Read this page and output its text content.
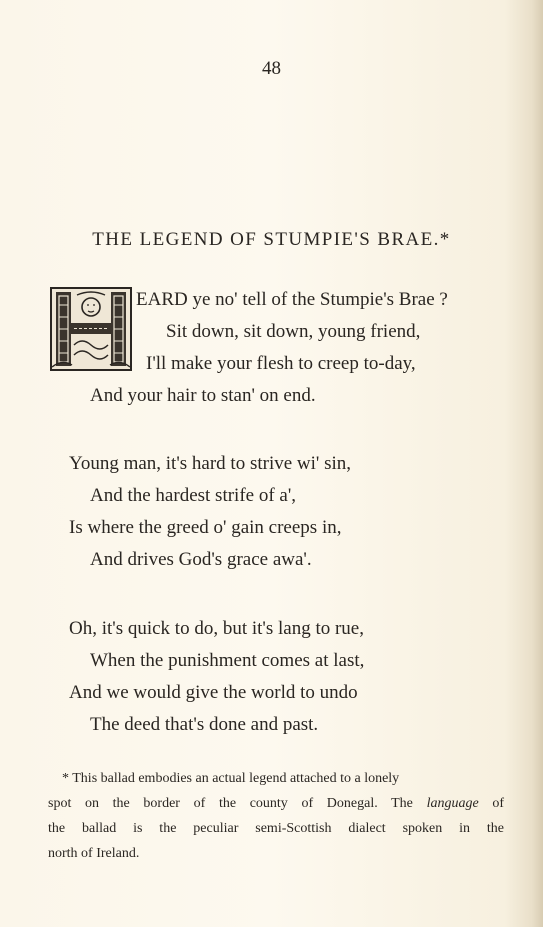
48
THE LEGEND OF STUMPIE'S BRAE.*
EARD ye no' tell of the Stumpie's Brae ?
Sit down, sit down, young friend,
I'll make your flesh to creep to-day,
And your hair to stan' on end.
Young man, it's hard to strive wi' sin,
And the hardest strife of a',
Is where the greed o' gain creeps in,
And drives God's grace awa'.
Oh, it's quick to do, but it's lang to rue,
When the punishment comes at last,
And we would give the world to undo
The deed that's done and past.
* This ballad embodies an actual legend attached to a lonely
spot on the border of the county of Donegal. The language of
the ballad is the peculiar semi-Scottish dialect spoken in the
north of Ireland.
